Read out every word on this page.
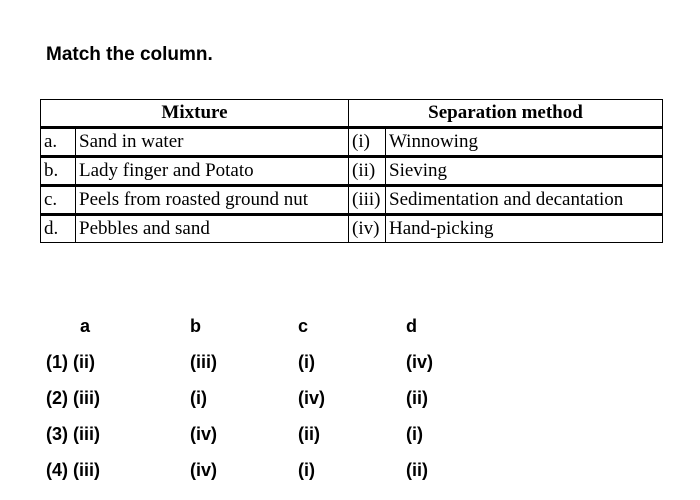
Match the column.

Mixture		Separation method	
a.	Sand in water	(i)	Winnowing
b.	Lady finger and Potato	(ii)	Sieving
c.	Peels from roasted ground nut	(iii)	Sedimentation and decantation
d.	Pebbles and sand	(iv)	Hand-picking
a	b	c	d
(1) (ii)	(iii)	(i)	(iv)
(2) (iii)	(i)	(iv)	(ii)
(3) (iii)	(iv)	(ii)	(i)
(4) (iii)	(iv)	(i)	(ii)
